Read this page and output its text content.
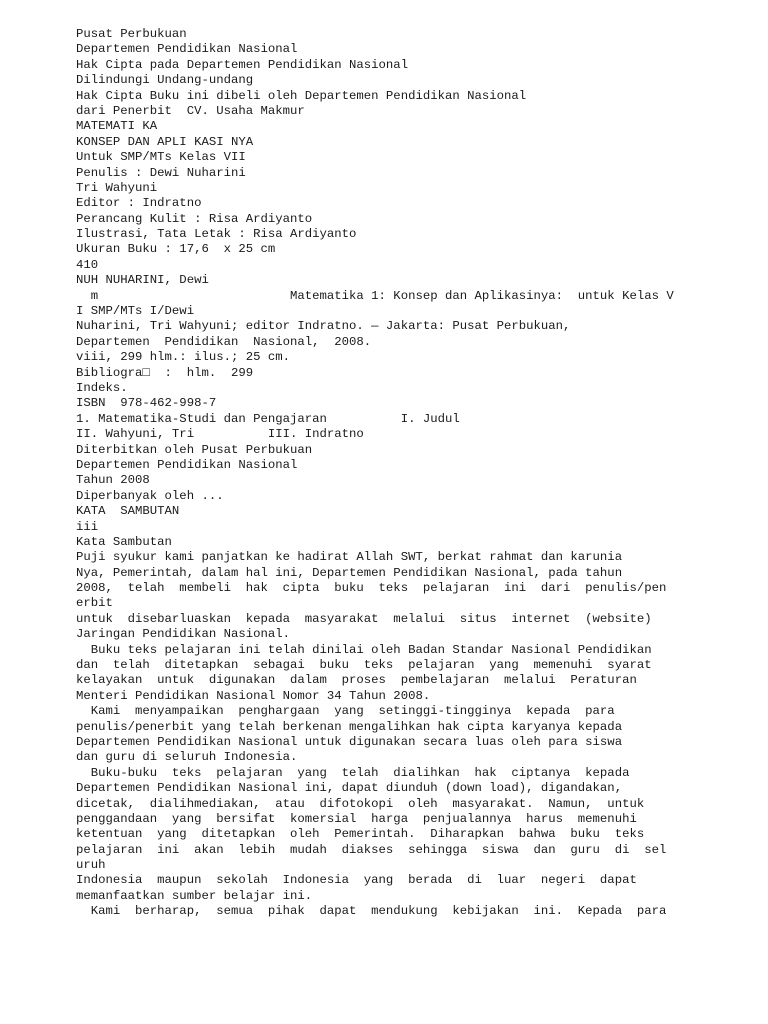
Pusat Perbukuan
Departemen Pendidikan Nasional
Hak Cipta pada Departemen Pendidikan Nasional
Dilindungi Undang-undang
Hak Cipta Buku ini dibeli oleh Departemen Pendidikan Nasional
dari Penerbit  CV. Usaha Makmur
MATEMATI KA
KONSEP DAN APLI KASI NYA
Untuk SMP/MTs Kelas VII
Penulis : Dewi Nuharini
Tri Wahyuni
Editor : Indratno
Perancang Kulit : Risa Ardiyanto
Ilustrasi, Tata Letak : Risa Ardiyanto
Ukuran Buku : 17,6  x 25 cm
410
NUH NUHARINI, Dewi
m                          Matematika 1: Konsep dan Aplikasinya:  untuk Kelas V
I SMP/MTs I/Dewi
Nuharini, Tri Wahyuni; editor Indratno. — Jakarta: Pusat Perbukuan,
Departemen  Pendidikan  Nasional,  2008.
viii, 299 hlm.: ilus.; 25 cm.
Bibliogra□  :  hlm.  299
Indeks.
ISBN  978-462-998-7
1. Matematika-Studi dan Pengajaran          I. Judul
II. Wahyuni, Tri          III. Indratno
Diterbitkan oleh Pusat Perbukuan
Departemen Pendidikan Nasional
Tahun 2008
Diperbanyak oleh ...
KATA  SAMBUTAN
iii
Kata Sambutan
Puji syukur kami panjatkan ke hadirat Allah SWT, berkat rahmat dan karunia
Nya, Pemerintah, dalam hal ini, Departemen Pendidikan Nasional, pada tahun
2008,  telah  membeli  hak  cipta  buku  teks  pelajaran  ini  dari  penulis/pen
erbit
untuk  disebarluaskan  kepada  masyarakat  melalui  situs  internet  (website)
Jaringan Pendidikan Nasional.
Buku teks pelajaran ini telah dinilai oleh Badan Standar Nasional Pendidikan
dan  telah  ditetapkan  sebagai  buku  teks  pelajaran  yang  memenuhi  syarat
kelayakan  untuk  digunakan  dalam  proses  pembelajaran  melalui  Peraturan
Menteri Pendidikan Nasional Nomor 34 Tahun 2008.
Kami  menyampaikan  penghargaan  yang  setinggi-tingginya  kepada  para
penulis/penerbit yang telah berkenan mengalihkan hak cipta karyanya kepada
Departemen Pendidikan Nasional untuk digunakan secara luas oleh para siswa
dan guru di seluruh Indonesia.
Buku-buku  teks  pelajaran  yang  telah  dialihkan  hak  ciptanya  kepada
Departemen Pendidikan Nasional ini, dapat diunduh (down load), digandakan,
dicetak,  dialihmediakan,  atau  difotokopi  oleh  masyarakat.  Namun,  untuk
penggandaan  yang  bersifat  komersial  harga  penjualannya  harus  memenuhi
ketentuan  yang  ditetapkan  oleh  Pemerintah.  Diharapkan  bahwa  buku  teks
pelajaran  ini  akan  lebih  mudah  diakses  sehingga  siswa  dan  guru  di  sel
uruh
Indonesia  maupun  sekolah  Indonesia  yang  berada  di  luar  negeri  dapat
memanfaatkan sumber belajar ini.
Kami  berharap,  semua  pihak  dapat  mendukung  kebijakan  ini.  Kepada  para
